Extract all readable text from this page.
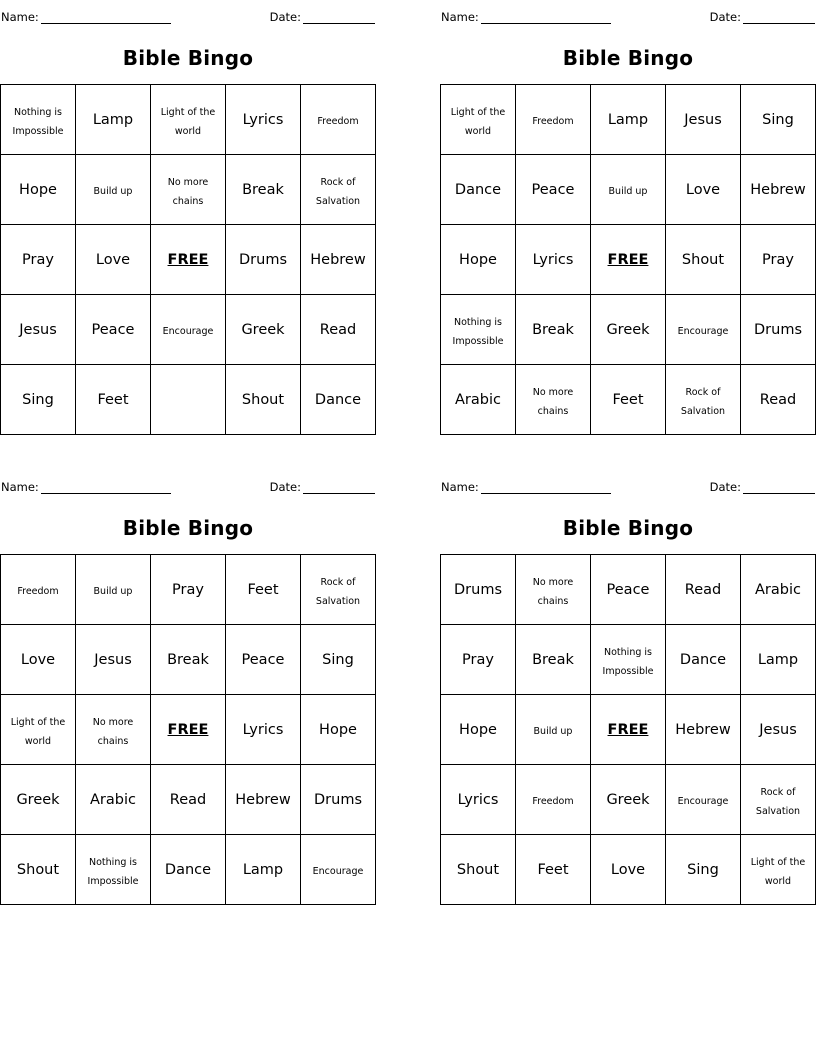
Name:	Date:
Bible Bingo
Nothing is Impossible	Lamp	Light of the world	Lyrics	Freedom
Hope	Build up	No more chains	Break	Rock of Salvation
Pray	Love	FREE	Drums	Hebrew
Jesus	Peace	Encourage	Greek	Read
Sing	Feet		Shout	Dance
Name:	Date:
Bible Bingo
Light of the world	Freedom	Lamp	Jesus	Sing
Dance	Peace	Build up	Love	Hebrew
Hope	Lyrics	FREE	Shout	Pray
Nothing is Impossible	Break	Greek	Encourage	Drums
Arabic	No more chains	Feet	Rock of Salvation	Read
Name:	Date:
Bible Bingo
Freedom	Build up	Pray	Feet	Rock of Salvation
Love	Jesus	Break	Peace	Sing
Light of the world	No more chains	FREE	Lyrics	Hope
Greek	Arabic	Read	Hebrew	Drums
Shout	Nothing is Impossible	Dance	Lamp	Encourage
Name:	Date:
Bible Bingo
Drums	No more chains	Peace	Read	Arabic
Pray	Break	Nothing is Impossible	Dance	Lamp
Hope	Build up	FREE	Hebrew	Jesus
Lyrics	Freedom	Greek	Encourage	Rock of Salvation
Shout	Feet	Love	Sing	Light of the world
